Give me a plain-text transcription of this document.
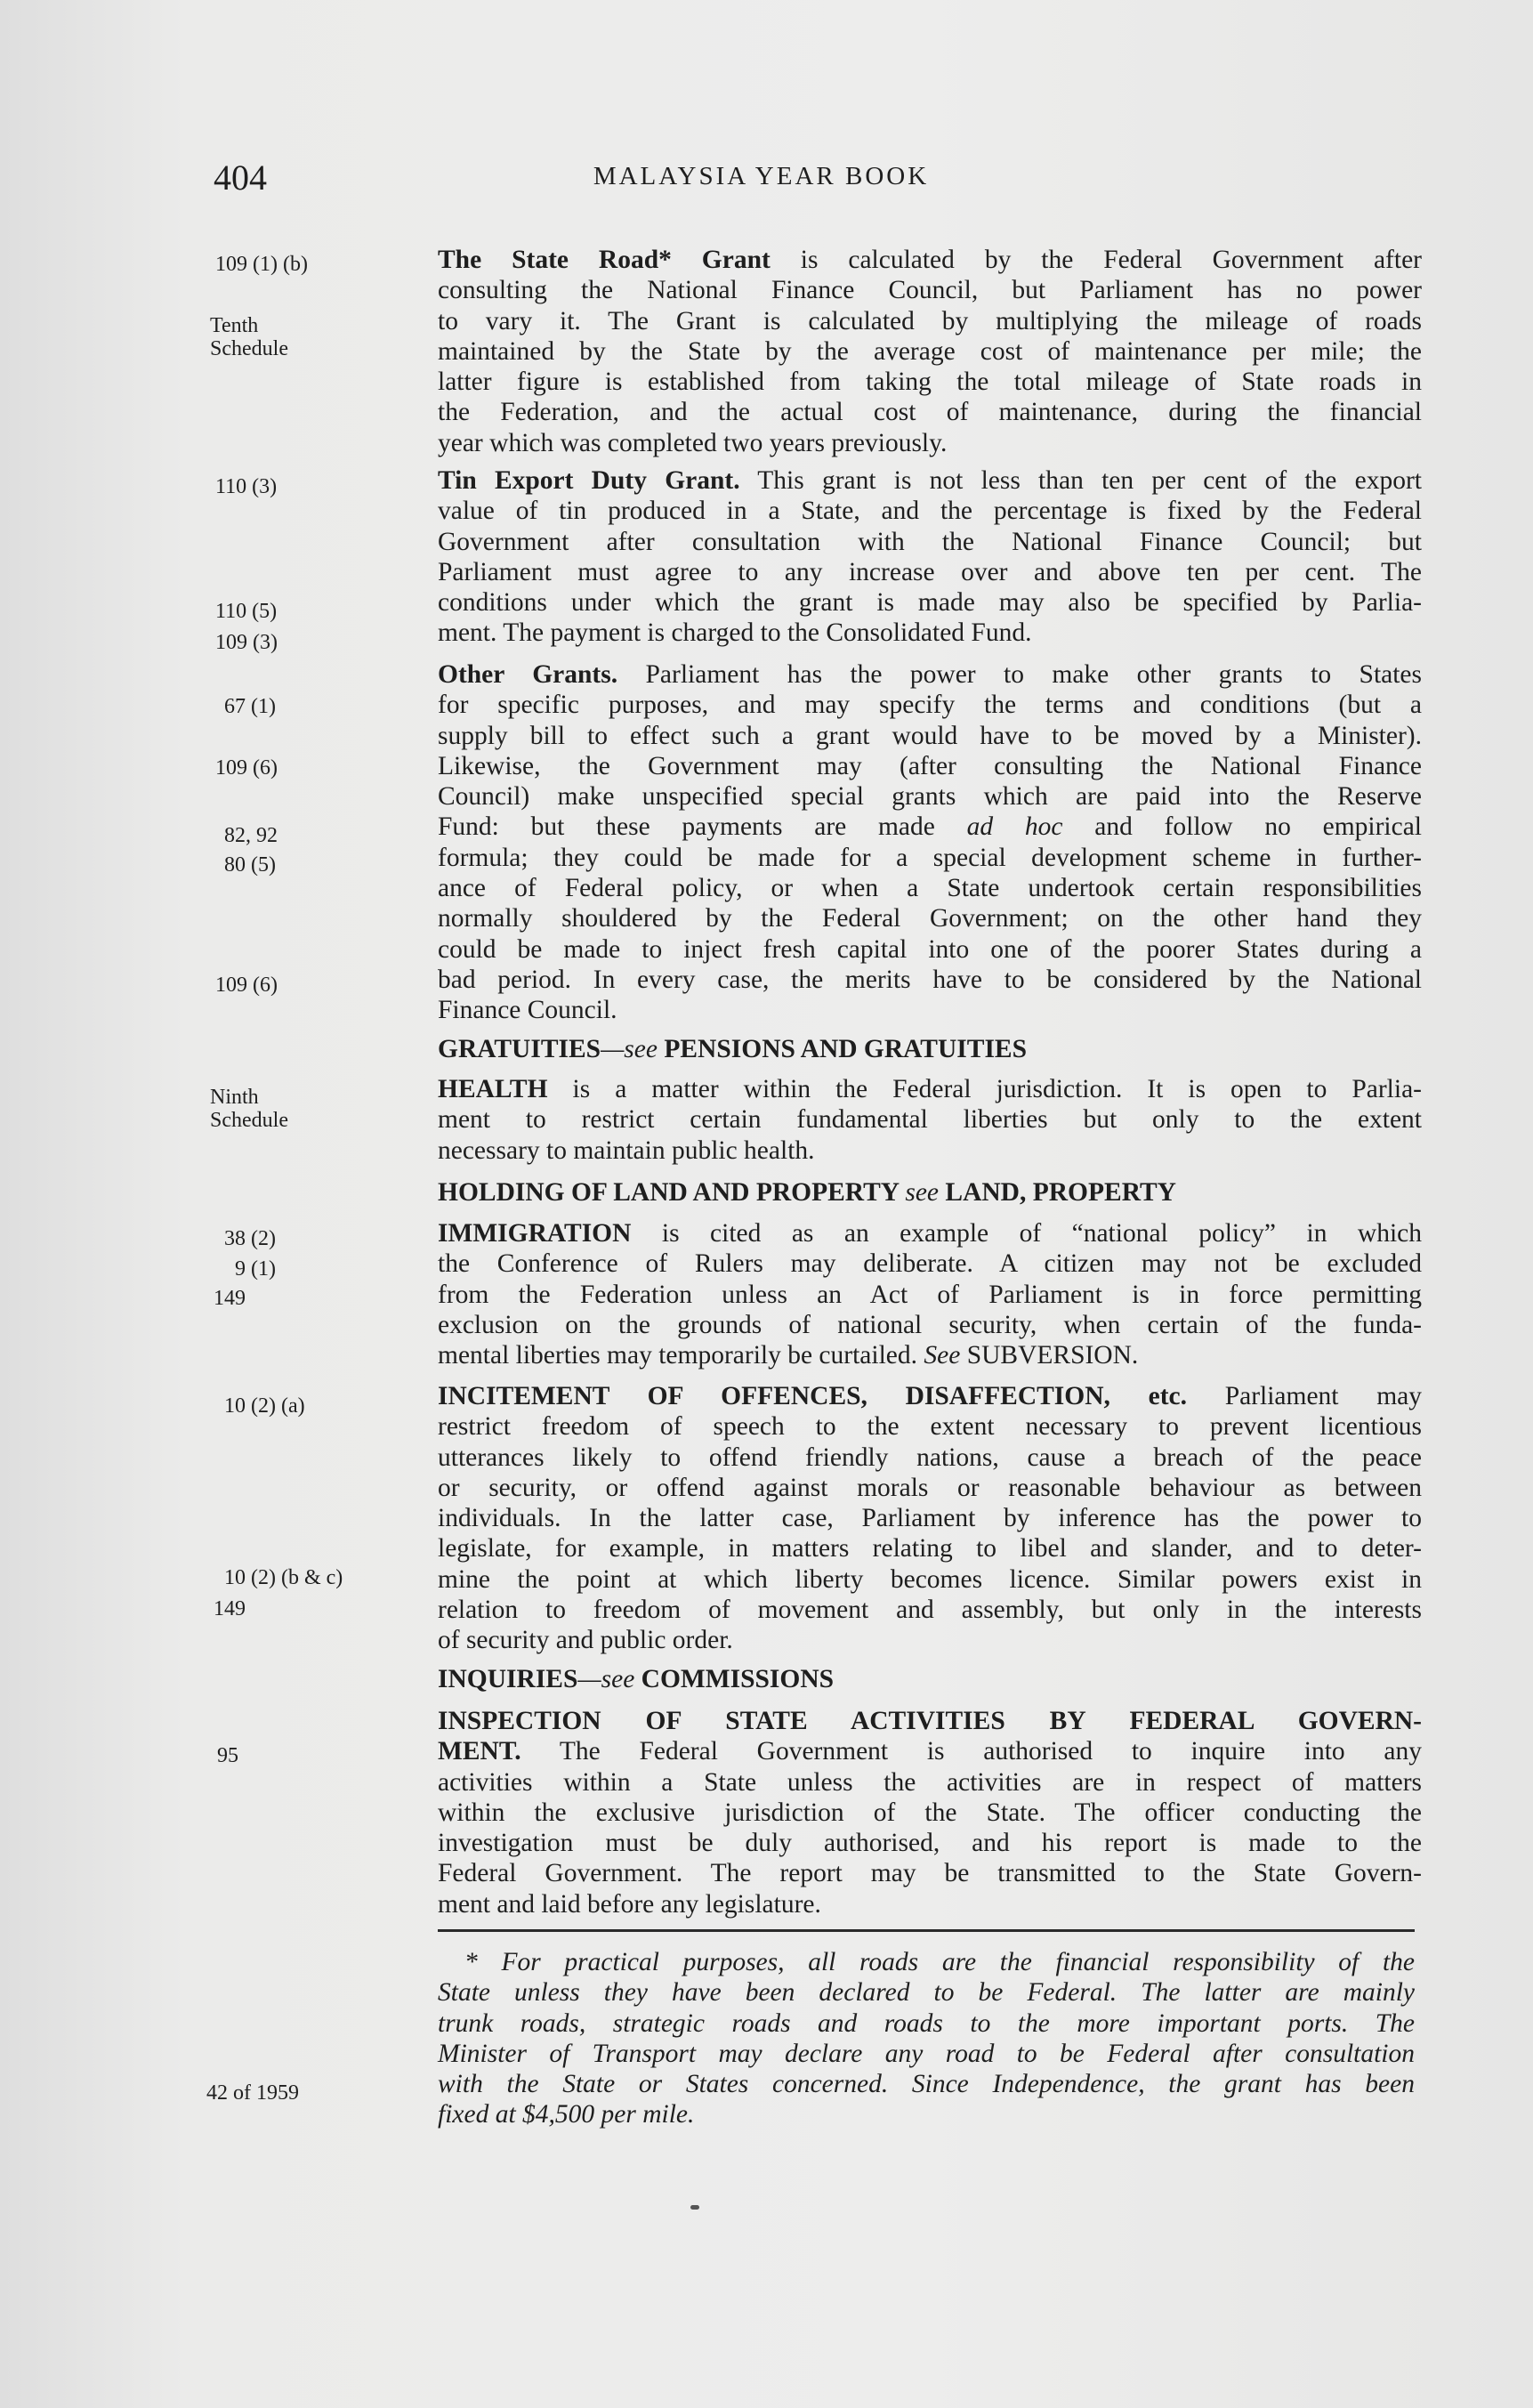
404	MALAYSIA YEAR BOOK
109 (1) (b)
Tenth
Schedule
110 (3)
110 (5)
109 (3)
67 (1)
109 (6)
82, 92
80 (5)
109 (6)
Ninth
Schedule
38 (2)
9 (1)
149
10 (2) (a)
10 (2) (b & c)
149
95
42 of 1959
The State Road* Grant is calculated by the Federal Government after
consulting the National Finance Council, but Parliament has no power
to vary it. The Grant is calculated by multiplying the mileage of roads
maintained by the State by the average cost of maintenance per mile; the
latter figure is established from taking the total mileage of State roads in
the Federation, and the actual cost of maintenance, during the financial
year which was completed two years previously.
Tin Export Duty Grant. This grant is not less than ten per cent of the export
value of tin produced in a State, and the percentage is fixed by the Federal
Government after consultation with the National Finance Council; but
Parliament must agree to any increase over and above ten per cent. The
conditions under which the grant is made may also be specified by Parlia-
ment. The payment is charged to the Consolidated Fund.
Other Grants. Parliament has the power to make other grants to States
for specific purposes, and may specify the terms and conditions (but a
supply bill to effect such a grant would have to be moved by a Minister).
Likewise, the Government may (after consulting the National Finance
Council) make unspecified special grants which are paid into the Reserve
Fund: but these payments are made ad hoc and follow no empirical
formula; they could be made for a special development scheme in further-
ance of Federal policy, or when a State undertook certain responsibilities
normally shouldered by the Federal Government; on the other hand they
could be made to inject fresh capital into one of the poorer States during a
bad period. In every case, the merits have to be considered by the National
Finance Council.
GRATUITIES—see PENSIONS AND GRATUITIES
HEALTH is a matter within the Federal jurisdiction. It is open to Parlia-
ment to restrict certain fundamental liberties but only to the extent
necessary to maintain public health.
HOLDING OF LAND AND PROPERTY see LAND, PROPERTY
IMMIGRATION is cited as an example of “national policy” in which
the Conference of Rulers may deliberate. A citizen may not be excluded
from the Federation unless an Act of Parliament is in force permitting
exclusion on the grounds of national security, when certain of the funda-
mental liberties may temporarily be curtailed. See SUBVERSION.
INCITEMENT OF OFFENCES, DISAFFECTION, etc. Parliament may
restrict freedom of speech to the extent necessary to prevent licentious
utterances likely to offend friendly nations, cause a breach of the peace
or security, or offend against morals or reasonable behaviour as between
individuals. In the latter case, Parliament by inference has the power to
legislate, for example, in matters relating to libel and slander, and to deter-
mine the point at which liberty becomes licence. Similar powers exist in
relation to freedom of movement and assembly, but only in the interests
of security and public order.
INQUIRIES—see COMMISSIONS
INSPECTION OF STATE ACTIVITIES BY FEDERAL GOVERN-
MENT. The Federal Government is authorised to inquire into any
activities within a State unless the activities are in respect of matters
within the exclusive jurisdiction of the State. The officer conducting the
investigation must be duly authorised, and his report is made to the
Federal Government. The report may be transmitted to the State Govern-
ment and laid before any legislature.
* For practical purposes, all roads are the financial responsibility of the
State unless they have been declared to be Federal. The latter are mainly
trunk roads, strategic roads and roads to the more important ports. The
Minister of Transport may declare any road to be Federal after consultation
with the State or States concerned. Since Independence, the grant has been
fixed at $4,500 per mile.
